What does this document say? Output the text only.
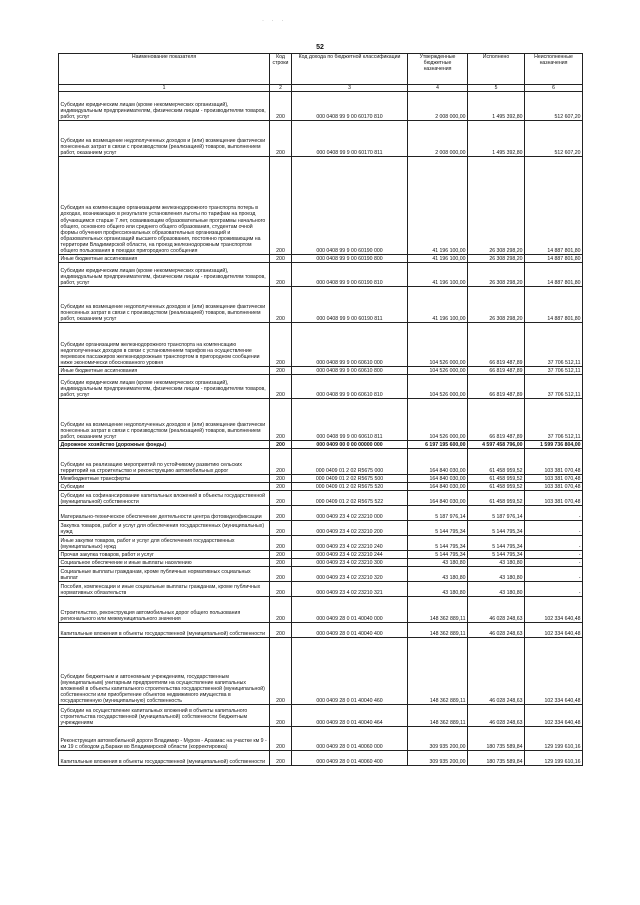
· · ·
52
Наименование показателя	Код строки	Код дохода по бюджетной классификации	Утвержденные бюджетные назначения	Исполнено	Неисполненные назначения
1	2	3	4	5	6
Субсидии юридическим лицам (кроме некоммерческих организаций), индивидуальным предпринимателям, физическим лицам - производителям товаров, работ, услуг	200	000 0408 99 9 00 60170 810	2 008 000,00	1 495 392,80	512 607,20
Субсидии на возмещение недополученных доходов и (или) возмещение фактически понесенных затрат в связи с производством (реализацией) товаров, выполнением работ, оказанием услуг	200	000 0408 99 9 00 60170 811	2 008 000,00	1 495 392,80	512 607,20
Субсидия на компенсацию организациям железнодорожного транспорта потерь в доходах, возникающих в результате установления льготы по тарифам на проезд обучающимся старше 7 лет, осваивающим образовательные программы начального общего, основного общего или среднего общего образования, студентам очной формы обучения профессиональных образовательных организаций и образовательных организаций высшего образования, постоянно проживающим на территории Владимирской области, на проезд железнодорожным транспортом общего пользования в поездах пригородного сообщения	200	000 0408 99 9 00 60190 000	41 196 100,00	26 308 298,20	14 887 801,80
Иные бюджетные ассигнования	200	000 0408 99 9 00 60190 800	41 196 100,00	26 308 298,20	14 887 801,80
Субсидии юридическим лицам (кроме некоммерческих организаций), индивидуальным предпринимателям, физическим лицам - производителям товаров, работ, услуг	200	000 0408 99 9 00 60190 810	41 196 100,00	26 308 298,20	14 887 801,80
Субсидии на возмещение недополученных доходов и (или) возмещение фактически понесенных затрат в связи с производством (реализацией) товаров, выполнением работ, оказанием услуг	200	000 0408 99 9 00 60190 811	41 196 100,00	26 308 298,20	14 887 801,80
Субсидии организациям железнодорожного транспорта на компенсацию недополученных доходов в связи с установлением тарифов на осуществление перевозок пассажиров железнодорожным транспортом в пригородном сообщении ниже экономически обоснованного уровня	200	000 0408 99 9 00 60610 000	104 526 000,00	66 819 487,89	37 706 512,11
Иные бюджетные ассигнования	200	000 0408 99 9 00 60610 800	104 526 000,00	66 819 487,89	37 706 512,11
Субсидии юридическим лицам (кроме некоммерческих организаций), индивидуальным предпринимателям, физическим лицам - производителям товаров, работ, услуг	200	000 0408 99 9 00 60610 810	104 526 000,00	66 819 487,89	37 706 512,11
Субсидии на возмещение недополученных доходов и (или) возмещение фактически понесенных затрат в связи с производством (реализацией) товаров, выполнением работ, оказанием услуг	200	000 0408 99 9 00 60610 811	104 526 000,00	66 819 487,89	37 706 512,11
Дорожное хозяйство (дорожные фонды)	200	000 0409 00 0 00 00000 000	6 197 195 600,00	4 597 458 796,00	1 599 736 804,00
Субсидии на реализацию мероприятий по устойчивому развитию сельских территорий на строительство и реконструкцию автомобильных дорог	200	000 0409 01 2 02 R5675 000	164 840 030,00	61 458 959,52	103 381 070,48
Межбюджетные трансферты	200	000 0409 01 2 02 R5675 500	164 840 030,00	61 458 959,52	103 381 070,48
Субсидии	200	000 0409 01 2 02 R5675 520	164 840 030,00	61 458 959,52	103 381 070,48
Субсидии на софинансирование капитальных вложений в объекты государственной (муниципальной) собственности	200	000 0409 01 2 02 R5675 522	164 840 030,00	61 458 959,52	103 381 070,48
Материально-техническое обеспечение деятельности центра фотовидеофиксации	200	000 0409 23 4 02 23210 000	5 187 976,14	5 187 976,14	-
Закупка товаров, работ и услуг для обеспечения государственных (муниципальных) нужд	200	000 0409 23 4 02 23210 200	5 144 795,34	5 144 795,34	-
Иные закупки товаров, работ и услуг для обеспечения государственных (муниципальных) нужд	200	000 0409 23 4 02 23210 240	5 144 795,34	5 144 795,34	-
Прочая закупка товаров, работ и услуг	200	000 0409 23 4 02 23210 244	5 144 795,34	5 144 795,34	-
Социальное обеспечение и иные выплаты населению	200	000 0409 23 4 02 23210 300	43 180,80	43 180,80	-
Социальные выплаты гражданам, кроме публичных нормативных социальных выплат	200	000 0409 23 4 02 23210 320	43 180,80	43 180,80	-
Пособия, компенсации и иные социальные выплаты гражданам, кроме публичных нормативных обязательств	200	000 0409 23 4 02 23210 321	43 180,80	43 180,80	-
Строительство, реконструкция автомобильных дорог общего пользования регионального или межмуниципального значения	200	000 0409 28 0 01 40040 000	148 362 889,11	46 028 248,63	102 334 640,48
Капитальные вложения в объекты государственной (муниципальной) собственности	200	000 0409 28 0 01 40040 400	148 362 889,11	46 028 248,63	102 334 640,48
Субсидии бюджетным и автономным учреждениям, государственным (муниципальным) унитарным предприятиям на осуществление капитальных вложений в объекты капитального строительства государственной (муниципальной) собственности или приобретение объектов недвижимого имущества в государственную (муниципальную) собственность	200	000 0409 28 0 01 40040 460	148 362 889,11	46 028 248,63	102 334 640,48
Субсидии на осуществление капитальных вложений в объекты капитального строительства государственной (муниципальной) собственности бюджетным учреждениям	200	000 0409 28 0 01 40040 464	148 362 889,11	46 028 248,63	102 334 640,48
Реконструкция автомобильной дороги Владимир - Муром - Арзамас на участке км 9 - км 19 с обходом д.Бараки во Владимирской области (корректировка)	200	000 0409 28 0 01 40060 000	309 935 200,00	180 735 589,84	129 199 610,16
Капитальные вложения в объекты государственной (муниципальной) собственности	200	000 0409 28 0 01 40060 400	309 935 200,00	180 735 589,84	129 199 610,16
